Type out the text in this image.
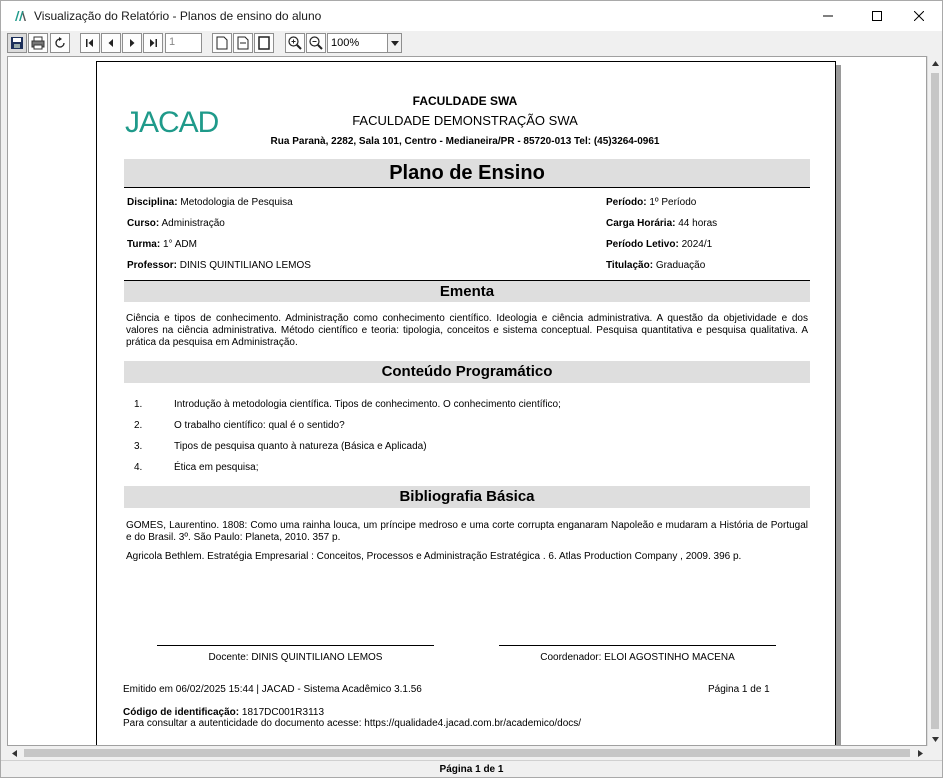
Visualização do Relatório - Planos de ensino do aluno
1	100%
JACAD
FACULDADE SWA
FACULDADE DEMONSTRAÇÃO SWA
Rua Paranà, 2282, Sala 101, Centro - Medianeira/PR - 85720-013 Tel: (45)3264-0961
Plano de Ensino
Disciplina: Metodologia de Pesquisa
Curso: Administração
Turma: 1° ADM
Professor: DINIS QUINTILIANO LEMOS
Período: 1º Período
Carga Horária: 44 horas
Período Letivo: 2024/1
Titulação: Graduação
Ementa
Ciência e tipos de conhecimento. Administração como conhecimento científico. Ideologia e ciência administrativa. A questão da objetividade e dos valores na ciência administrativa. Método científico e teoria: tipologia, conceitos e sistema conceptual. Pesquisa quantitativa e pesquisa qualitativa. A prática da pesquisa em Administração.
Conteúdo Programático
1.	Introdução à metodologia científica. Tipos de conhecimento. O conhecimento científico;
2.	O trabalho científico: qual é o sentido?
3.	Tipos de pesquisa quanto à natureza (Básica e Aplicada)
4.	Ética em pesquisa;
Bibliografia Básica
GOMES, Laurentino. 1808: Como uma rainha louca, um príncipe medroso e uma corte corrupta enganaram Napoleão e mudaram a História de Portugal e do Brasil. 3º. São Paulo: Planeta, 2010. 357 p.
Agricola Bethlem. Estratégia Empresarial : Conceitos, Processos e Administração Estratégica . 6. Atlas Production Company , 2009. 396 p.
Docente: DINIS QUINTILIANO LEMOS	Coordenador: ELOI AGOSTINHO MACENA
Emitido em 06/02/2025 15:44 | JACAD - Sistema Acadêmico 3.1.56	Página 1 de 1
Código de identificação: 1817DC001R3113
Para consultar a autenticidade do documento acesse: https://qualidade4.jacad.com.br/academico/docs/
Página 1 de 1
